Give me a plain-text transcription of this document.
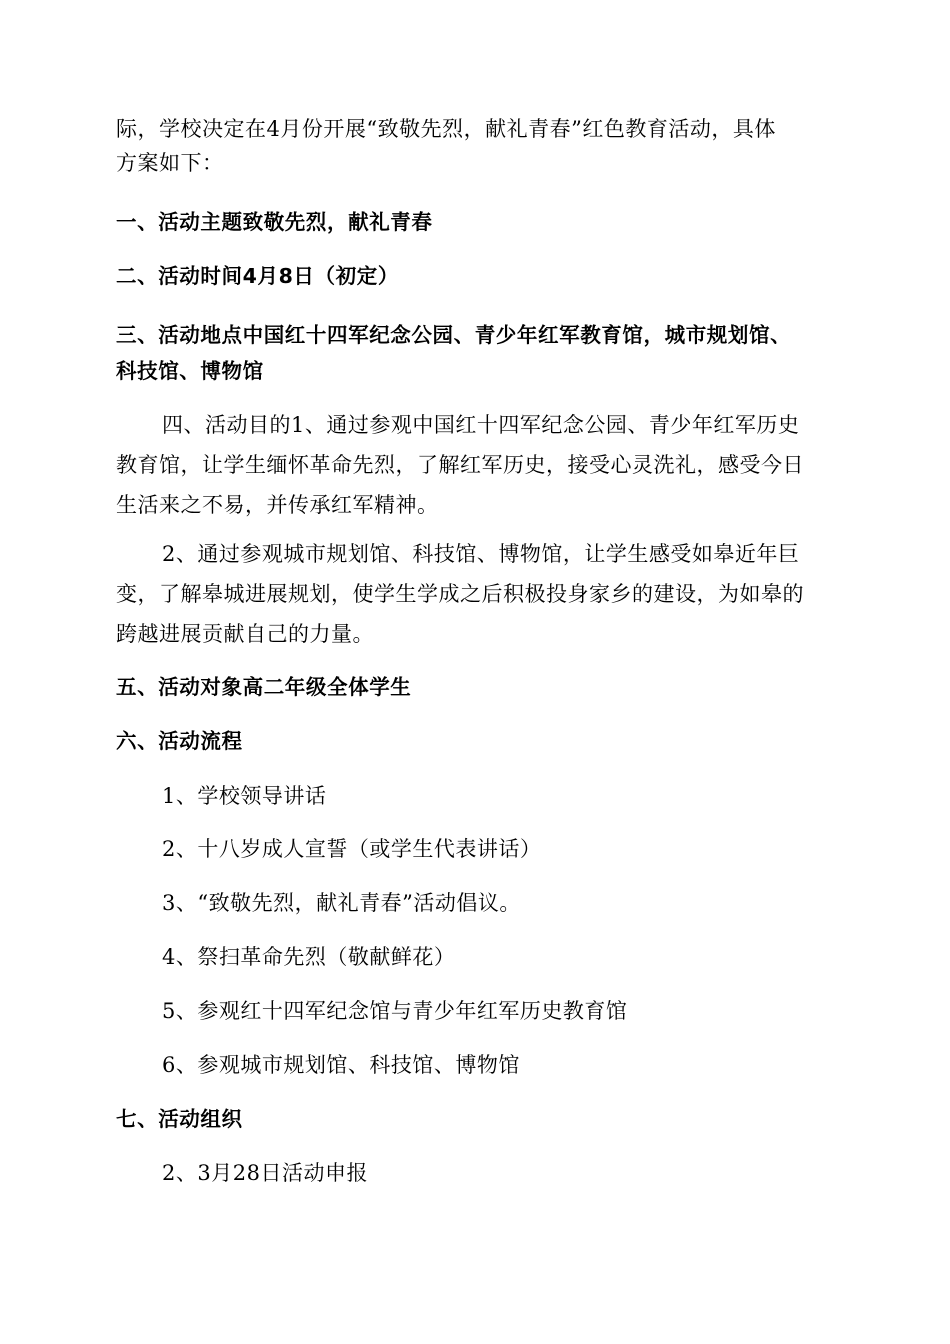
际，学校决定在4月份开展“致敬先烈，献礼青春”红色教育活动，具体
方案如下：
一、活动主题致敬先烈，献礼青春
二、活动时间4月8日（初定）
三、活动地点中国红十四军纪念公园、青少年红军教育馆，城市规划馆、
科技馆、博物馆
四、活动目的1、通过参观中国红十四军纪念公园、青少年红军历史
教育馆，让学生缅怀革命先烈，了解红军历史，接受心灵洗礼，感受今日
生活来之不易，并传承红军精神。
2、通过参观城市规划馆、科技馆、博物馆，让学生感受如皋近年巨
变，了解皋城进展规划，使学生学成之后积极投身家乡的建设，为如皋的
跨越进展贡献自己的力量。
五、活动对象高二年级全体学生
六、活动流程
1、学校领导讲话
2、十八岁成人宣誓（或学生代表讲话）
3、“致敬先烈，献礼青春”活动倡议。
4、祭扫革命先烈（敬献鲜花）
5、参观红十四军纪念馆与青少年红军历史教育馆
6、参观城市规划馆、科技馆、博物馆
七、活动组织
2、3月28日活动申报
